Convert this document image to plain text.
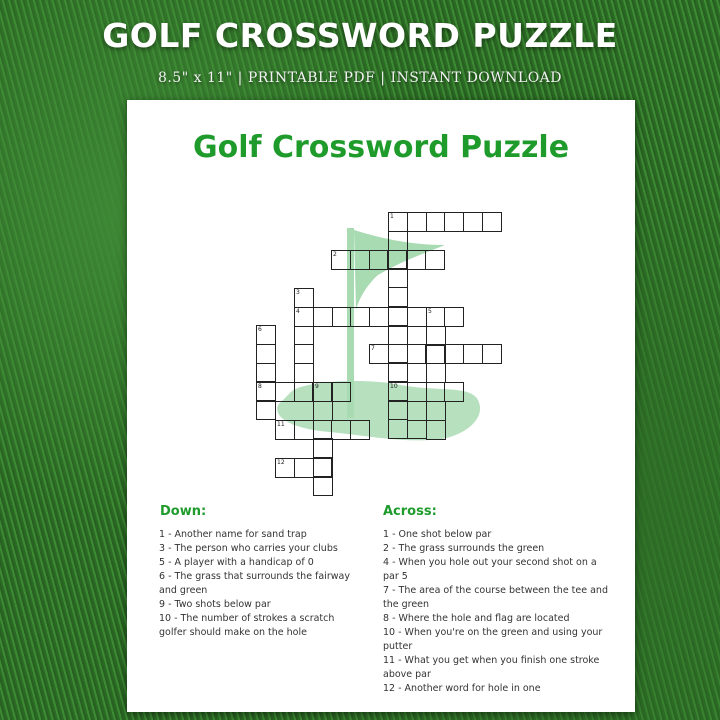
GOLF CROSSWORD PUZZLE
8.5" x 11" | PRINTABLE PDF | INSTANT DOWNLOAD
Golf Crossword Puzzle
1
2
3
4	5
6
7
8	9	10
11
12
Down:	Across:
1 - Another name for sand trap
3 - The person who carries your clubs
5 - A player with a handicap of 0
6 - The grass that surrounds the fairway and green
9 - Two shots below par
10 - The number of strokes a scratch golfer should make on the hole
1 - One shot below par
2 - The grass surrounds the green
4 - When you hole out your second shot on a par 5
7 - The area of the course between the tee and the green
8 - Where the hole and flag are located
10 - When you're on the green and using your putter
11 - What you get when you finish one stroke above par
12 - Another word for hole in one
